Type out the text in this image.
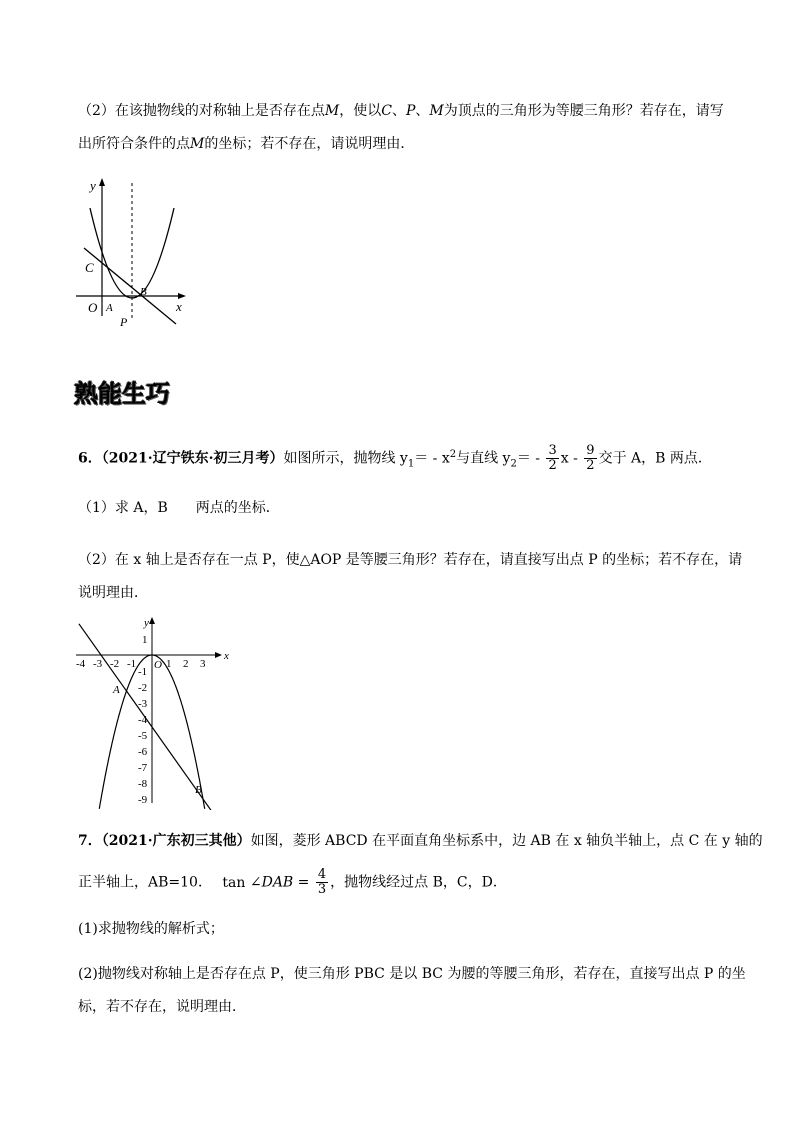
（2）在该抛物线的对称轴上是否存在点M，使以C、P、M为顶点的三角形为等腰三角形？若存在，请写
出所符合条件的点M的坐标；若不存在，请说明理由．
C
O A
B
P
x
y
熟能生巧
6．（2021·辽宁铁东·初三月考）如图所示，抛物线 $y_1= - x^2$与直线 $y_2= - \frac{3}{2}$ x - $\frac{9}{2}$ 交于 A，B 两点．
（1）求 A，B　　两点的坐标．
（2）在 x 轴上是否存在一点 P，使△AOP 是等腰三角形？若存在，请直接写出点 P 的坐标；若不存在，请
说明理由．
-4 -3 -2 -1	1 2 3
1
-1
-2
-3
-4
-5
-6
-7
-8
-9
x
y
O
A
B
7．（2021·广东初三其他）如图，菱形 ABCD 在平面直角坐标系中，边 AB 在 x 轴负半轴上，点 C 在 y 轴的
正半轴上，AB=10． tan ∠DAB = $\frac{4}{3}$ ，抛物线经过点 B，C，D．
(1)求抛物线的解析式；
(2)抛物线对称轴上是否存在点 P，使三角形 PBC 是以 BC 为腰的等腰三角形，若存在，直接写出点 P 的坐
标，若不存在，说明理由．
